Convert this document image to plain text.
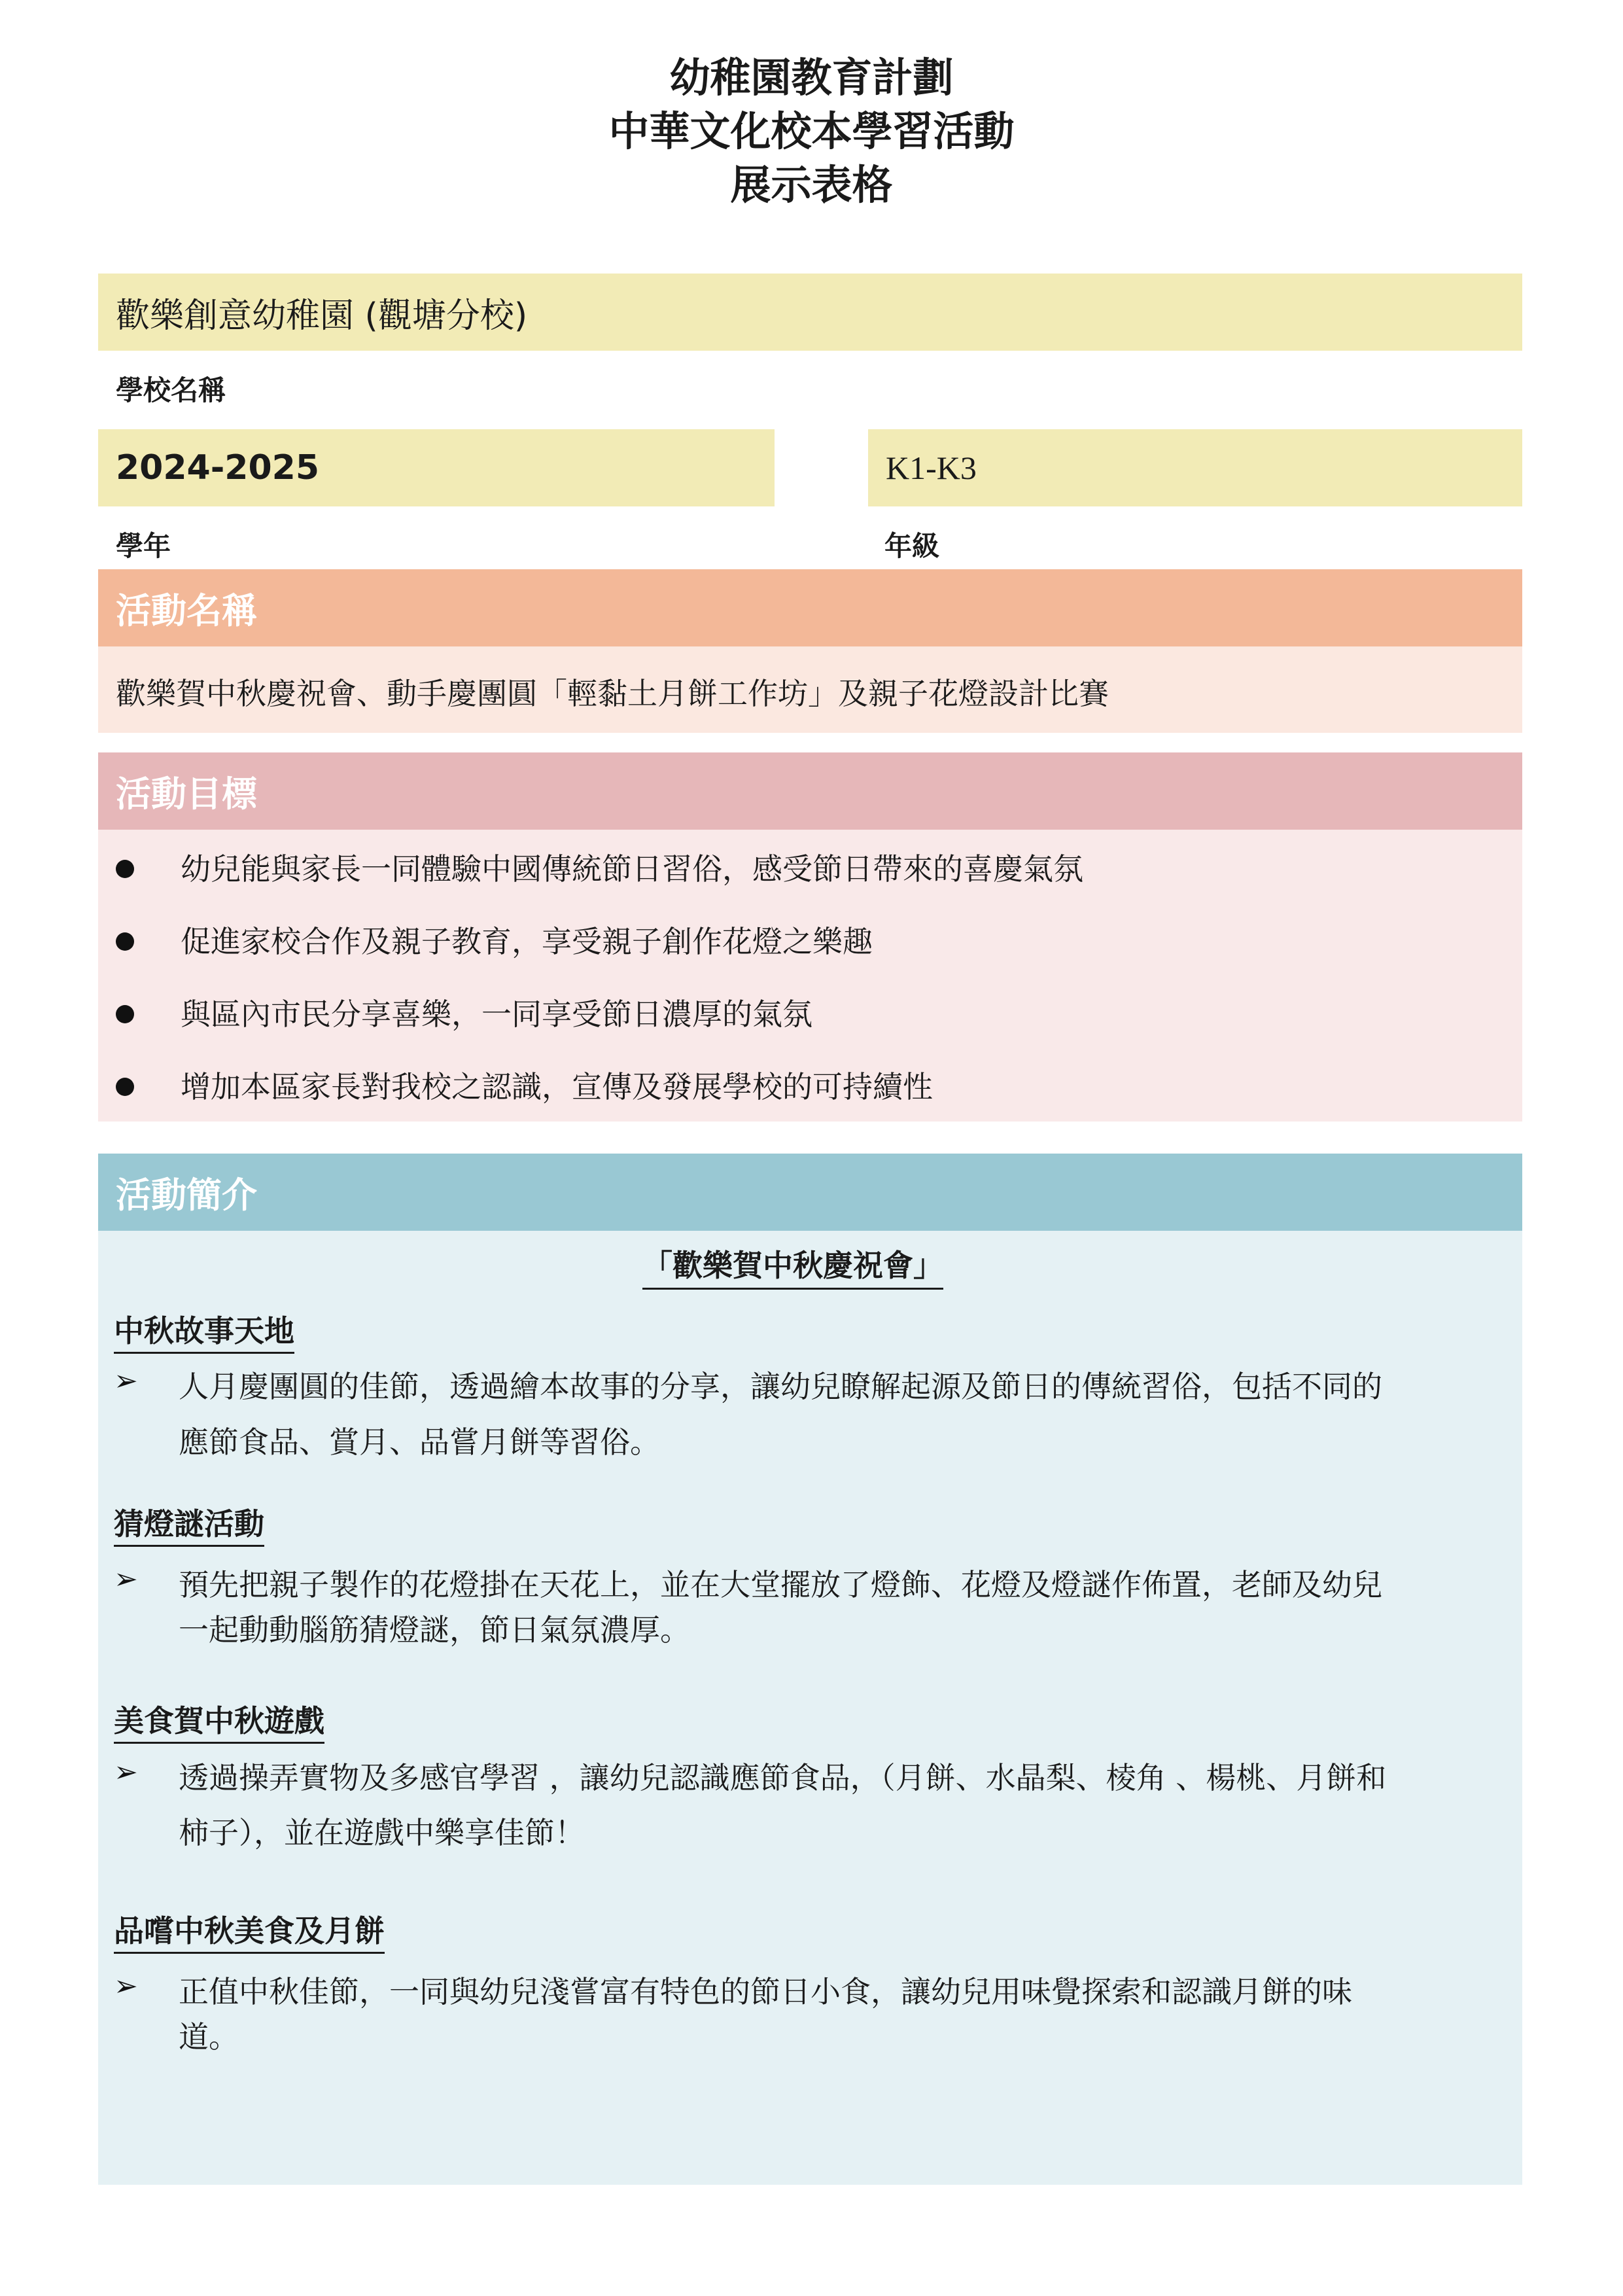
幼稚園教育計劃
中華文化校本學習活動
展示表格
歡樂創意幼稚園 (觀塘分校)
學校名稱
2024-2025
學年
K1-K3
年級
活動名稱
歡樂賀中秋慶祝會、動手慶團圓「輕黏土月餅工作坊」及親子花燈設計比賽
活動目標
幼兒能與家長一同體驗中國傳統節日習俗，感受節日帶來的喜慶氣氛
促進家校合作及親子教育，享受親子創作花燈之樂趣
與區內市民分享喜樂，一同享受節日濃厚的氣氛
增加本區家長對我校之認識，宣傳及發展學校的可持續性
活動簡介
「歡樂賀中秋慶祝會」
中秋故事天地
➢ 人月慶團圓的佳節，透過繪本故事的分享，讓幼兒瞭解起源及節日的傳統習俗，包括不同的
應節食品、賞月、品嘗月餅等習俗。
猜燈謎活動
➢ 預先把親子製作的花燈掛在天花上，並在大堂擺放了燈飾、花燈及燈謎作佈置，老師及幼兒
一起動動腦筋猜燈謎，節日氣氛濃厚。
美食賀中秋遊戲
➢ 透過操弄實物及多感官學習 ，讓幼兒認識應節食品，（月餅、水晶梨、棱角 、楊桃、月餅和
柿子），並在遊戲中樂享佳節！
品嚐中秋美食及月餅
➢ 正值中秋佳節，一同與幼兒淺嘗富有特色的節日小食，讓幼兒用味覺探索和認識月餅的味
道。
